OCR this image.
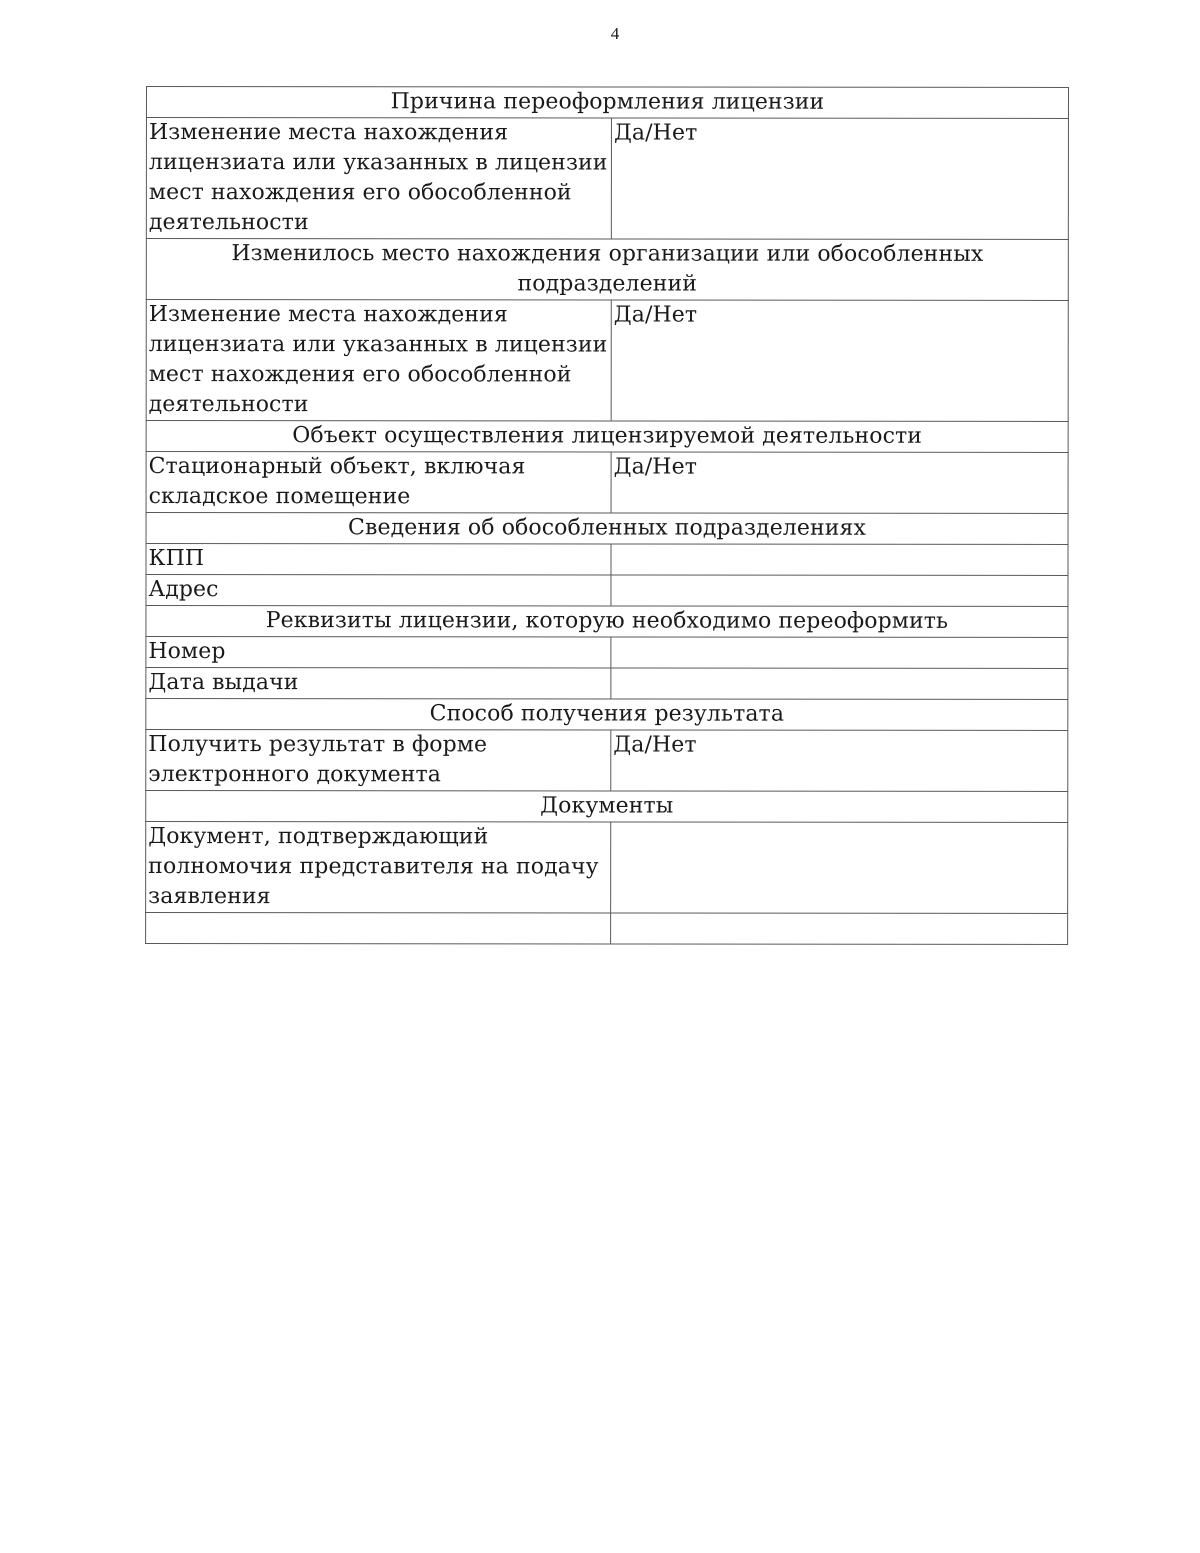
4
Причина переоформления лицензии	
Изменение места нахождения лицензиата или указанных в лицензии мест нахождения его обособленной деятельности	Да/Нет
Изменилось место нахождения организации или обособленных подразделений	
Изменение места нахождения лицензиата или указанных в лицензии мест нахождения его обособленной деятельности	Да/Нет
Объект осуществления лицензируемой деятельности	
Стационарный объект, включая складское помещение	Да/Нет
Сведения об обособленных подразделениях	
КПП	
Адрес	
Реквизиты лицензии, которую необходимо переоформить	
Номер	
Дата выдачи	
Способ получения результата	
Получить результат в форме электронного документа	Да/Нет
Документы	
Документ, подтверждающий полномочия представителя на подачу заявления	
